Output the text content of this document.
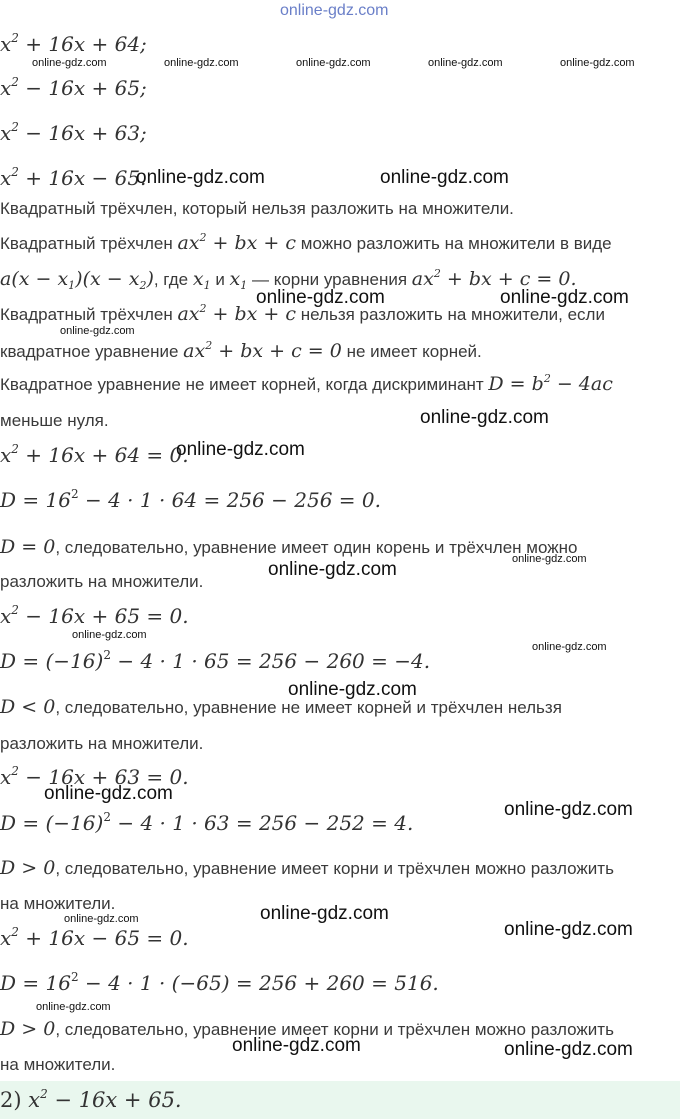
online-gdz.com
$x^2 + 16x + 64$;
$x^2 - 16x + 65$;
$x^2 - 16x + 63$;
$x^2 + 16x - 65$.
Квадратный трёхчлен, который нельзя разложить на множители.
Квадратный трёхчлен $ax^2$ + bx + c можно разложить на множители в виде
$a(x - x_1)(x - x_2)$, где $x_1$ и $x_1$ — корни уравнения $ax^2$ + bx + c = 0.
Квадратный трёхчлен $ax^2$ + bx + c нельзя разложить на множители, если
квадратное уравнение $ax^2$ + bx + c = 0 не имеет корней.
Квадратное уравнение не имеет корней, когда дискриминант $D = b^2 - 4ac$
меньше нуля.
$x^2 + 16x + 64 = 0$.
$D = 16^2 - 4 \cdot 1 \cdot 64 = 256 - 256 = 0$.
D = 0, следовательно, уравнение имеет один корень и трёхчлен можно
разложить на множители.
$x^2 - 16x + 65 = 0$.
$D = (-16)^2 - 4 \cdot 1 \cdot 65 = 256 - 260 = -4$.
D < 0, следовательно, уравнение не имеет корней и трёхчлен нельзя
разложить на множители.
$x^2 - 16x + 63 = 0$.
$D = (-16)^2 - 4 \cdot 1 \cdot 63 = 256 - 252 = 4$.
D > 0, следовательно, уравнение имеет корни и трёхчлен можно разложить
на множители.
$x^2 + 16x - 65 = 0$.
$D = 16^2 - 4 \cdot 1 \cdot (-65) = 256 + 260 = 516$.
D > 0, следовательно, уравнение имеет корни и трёхчлен можно разложить
на множители.
2) $x^2 - 16x + 65$.
online-gdz.com	online-gdz.com	online-gdz.com	online-gdz.com	online-gdz.com
online-gdz.com
online-gdz.com
online-gdz.com
online-gdz.com
online-gdz.com
online-gdz.com
online-gdz.com	online-gdz.com
online-gdz.com	online-gdz.com
online-gdz.com
online-gdz.com
online-gdz.com
online-gdz.com
online-gdz.com
online-gdz.com
online-gdz.com
online-gdz.com
online-gdz.com	online-gdz.com
